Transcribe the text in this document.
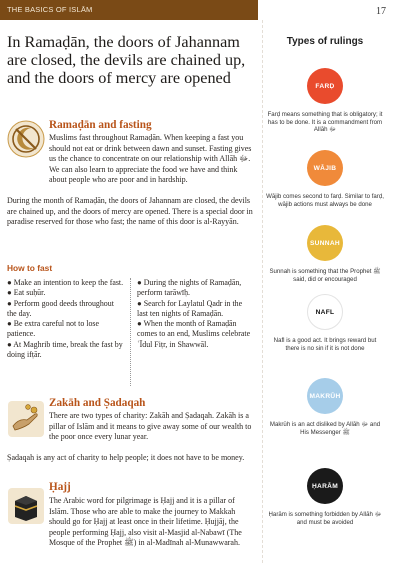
THE BASICS OF ISLĀM	17
In Ramaḍān, the doors of Jahannam are closed, the devils are chained up, and the doors of mercy are opened
Ramaḍān and fasting
Muslims fast throughout Ramaḍān. When keeping a fast you should not eat or drink between dawn and sunset. Fasting gives us the chance to concentrate on our relationship with Allāh ﷻ. We can also learn to appreciate the food we have and think about people who are poor and in hardship.
During the month of Ramaḍān, the doors of Jahannam are closed, the devils are chained up, and the doors of mercy are opened. There is a special door in paradise reserved for those who fast; the name of this door is al-Rayyān.
How to fast
● Make an intention to keep the fast.
● Eat suḥūr.
● Perform good deeds throughout the day.
● Be extra careful not to lose patience.
● At Maghrib time, break the fast by doing ifṭār.
● During the nights of Ramaḍān, perform tarāwīḥ.
● Search for Laylatul Qadr in the last ten nights of Ramaḍān.
● When the month of Ramaḍān comes to an end, Muslims celebrate ʿĪdul Fiṭr, in Shawwāl.
Zakāh and Ṣadaqah
There are two types of charity: Zakāh and Ṣadaqah. Zakāh is a pillar of Islām and it means to give away some of our wealth to the poor once every lunar year.
Ṣadaqah is any act of charity to help people; it does not have to be money.
Ḥajj
The Arabic word for pilgrimage is Ḥajj and it is a pillar of Islām. Those who are able to make the journey to Makkah should go for Ḥajj at least once in their lifetime. Ḥujjāj, the people performing Ḥajj, also visit al-Masjid al-Nabawī (The Mosque of the Prophet ﷺ) in al-Madīnah al-Munawwarah.
Types of rulings
FARḌ
Farḍ means something that is obligatory; it has to be done. It is a commandment from Allāh ﷻ
WĀJIB
Wājib comes second to farḍ. Similar to farḍ, wājib actions must always be done
SUNNAH
Sunnah is something that the Prophet ﷺ said, did or encouraged
NAFL
Nafl is a good act. It brings reward but there is no sin if it is not done
MAKRŪH
Makrūh is an act disliked by Allāh ﷻ and His Messenger ﷺ
ḤARĀM
Ḥarām is something forbidden by Allāh ﷻ and must be avoided
